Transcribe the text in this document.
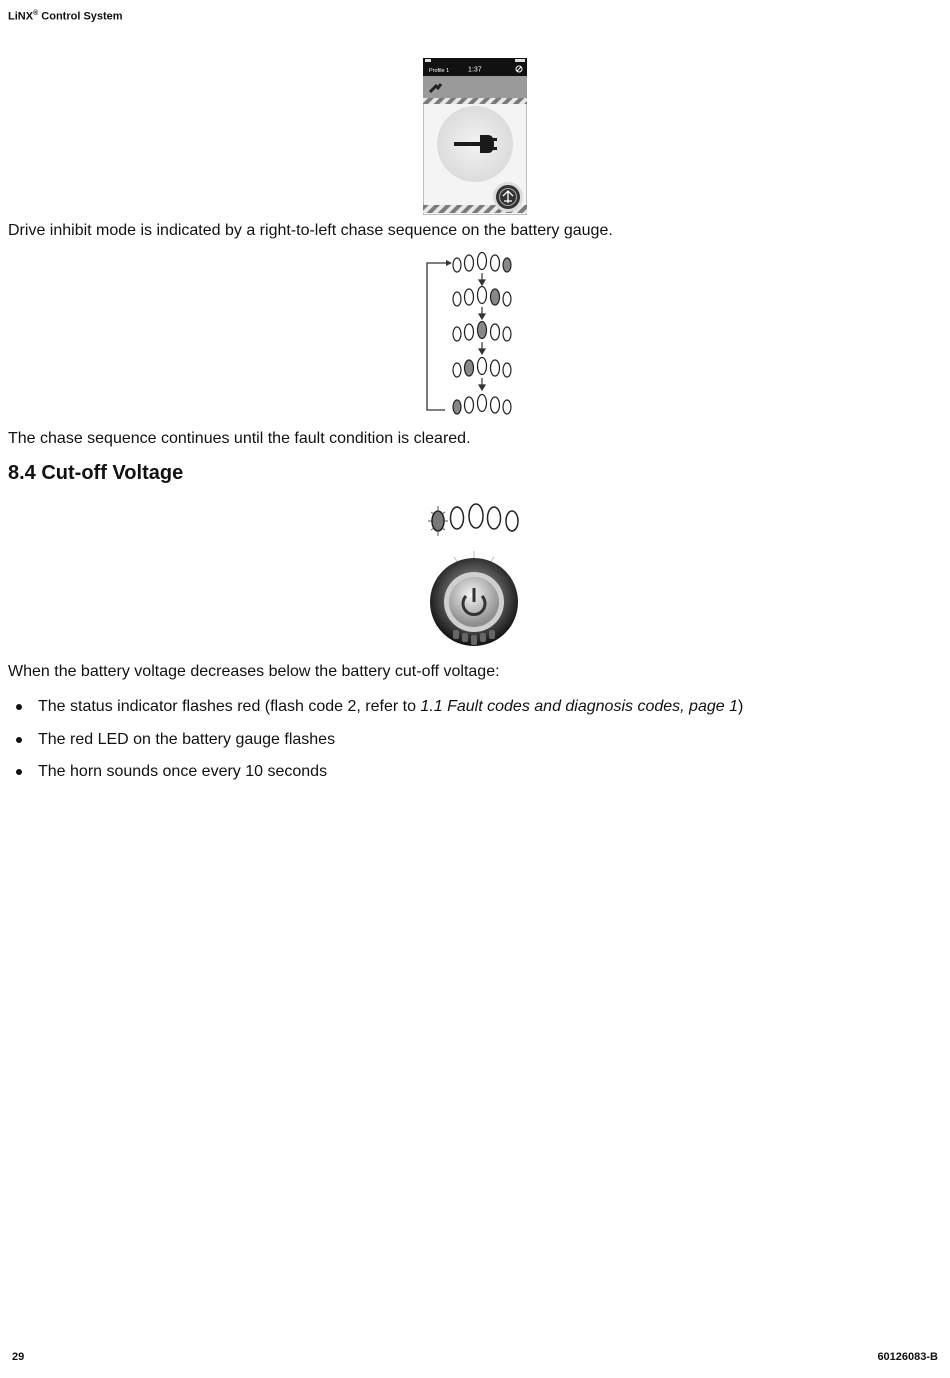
LiNX® Control System
Profile 1	1:37
Drive inhibit mode is indicated by a right-to-left chase sequence on the battery gauge.
The chase sequence continues until the fault condition is cleared.
8.4 Cut-off Voltage
When the battery voltage decreases below the battery cut-off voltage:
The status indicator flashes red (flash code 2, refer to 1.1 Fault codes and diagnosis codes, page 1)
The red LED on the battery gauge flashes
The horn sounds once every 10 seconds
29	60126083-B
